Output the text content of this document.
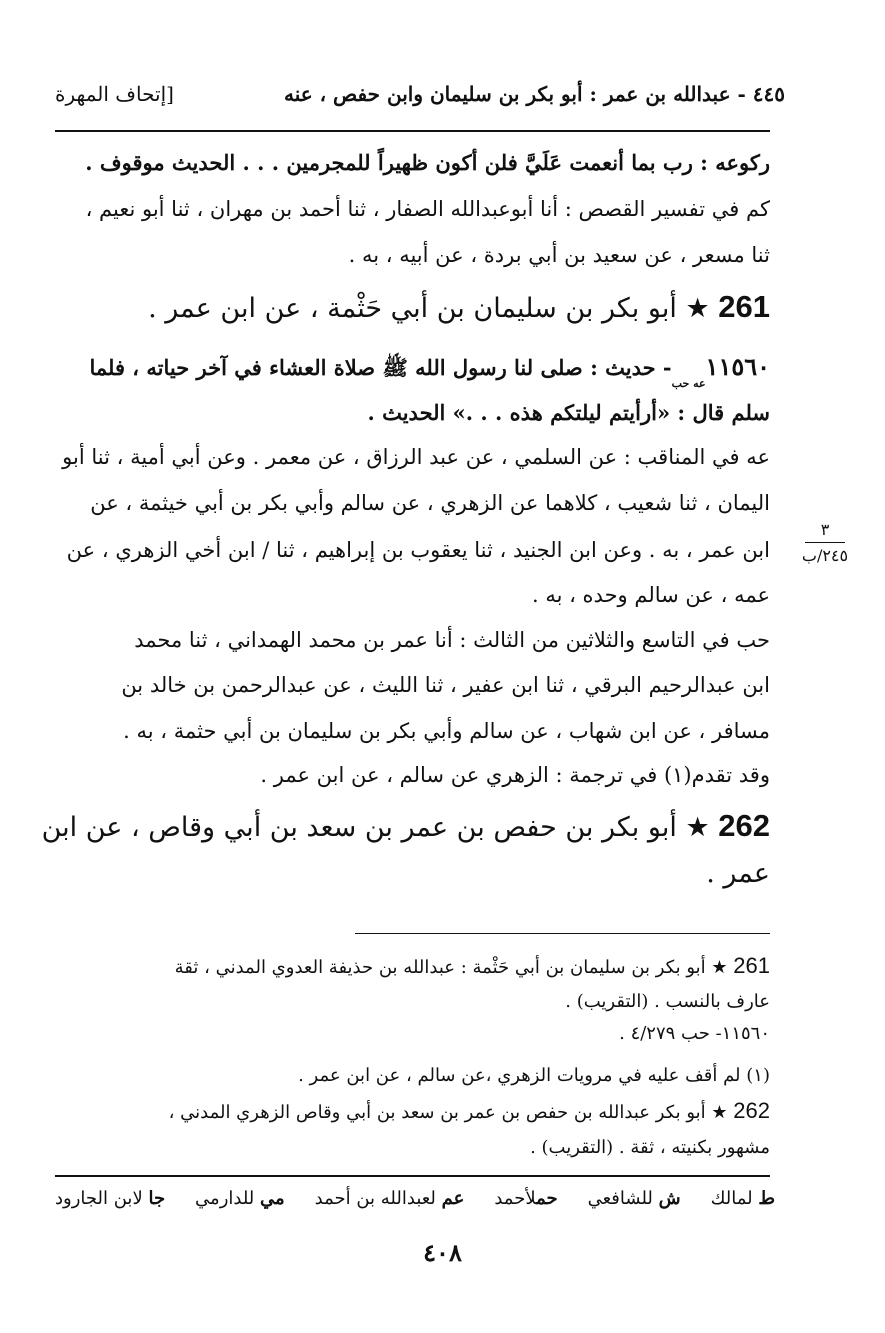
٤٤٥ - عبدالله بن عمر : أبو بكر بن سليمان وابن حفص ، عنه
[إتحاف المهرة
ركوعه : رب بما أنعمت عَلَيَّ فلن أكون ظهيراً للمجرمين . . . الحديث موقوف .
كم في تفسير القصص : أنا أبوعبدالله الصفار ، ثنا أحمد بن مهران ، ثنا أبو نعيم ،
ثنا مسعر ، عن سعيد بن أبي بردة ، عن أبيه ، به .
261 ★ أبو بكر بن سليمان بن أبي حَثْمة ، عن ابن عمر .
$١١٥٦٠_{عه حب}-$ حديث : صلى لنا رسول الله ﷺ صلاة العشاء في آخر حياته ، فلما
سلم قال : «أرأيتم ليلتكم هذه . . .» الحديث .
عه في المناقب : عن السلمي ، عن عبد الرزاق ، عن معمر . وعن أبي أمية ، ثنا أبو
اليمان ، ثنا شعيب ، كلاهما عن الزهري ، عن سالم وأبي بكر بن أبي خيثمة ، عن
ابن عمر ، به . وعن ابن الجنيد ، ثنا يعقوب بن إبراهيم ، ثنا / ابن أخي الزهري ، عن
عمه ، عن سالم وحده ، به .
حب في التاسع والثلاثين من الثالث : أنا عمر بن محمد الهمداني ، ثنا محمد
ابن عبدالرحيم البرقي ، ثنا ابن عفير ، ثنا الليث ، عن عبدالرحمن بن خالد بن
مسافر ، عن ابن شهاب ، عن سالم وأبي بكر بن سليمان بن أبي حثمة ، به .
وقد تقدم(١) في ترجمة : الزهري عن سالم ، عن ابن عمر .
262 ★ أبو بكر بن حفص بن عمر بن سعد بن أبي وقاص ، عن ابن
عمر .
٣
٢٤٥/ب
261 ★ أبو بكر بن سليمان بن أبي حَثْمة : عبدالله بن حذيفة العدوي المدني ، ثقة
عارف بالنسب . (التقريب) .
١١٥٦٠- حب ٤/٢٧٩ .
(١) لم أقف عليه في مرويات الزهري ،عن سالم ، عن ابن عمر .
262 ★ أبو بكر عبدالله بن حفص بن عمر بن سعد بن أبي وقاص الزهري المدني ،
مشهور بكنيته ، ثقة . (التقريب) .
ط لمالك
ش للشافعي
حملأحمد
عم لعبدالله بن أحمد
مي للدارمي
جا لابن الجارود
٤٠٨
